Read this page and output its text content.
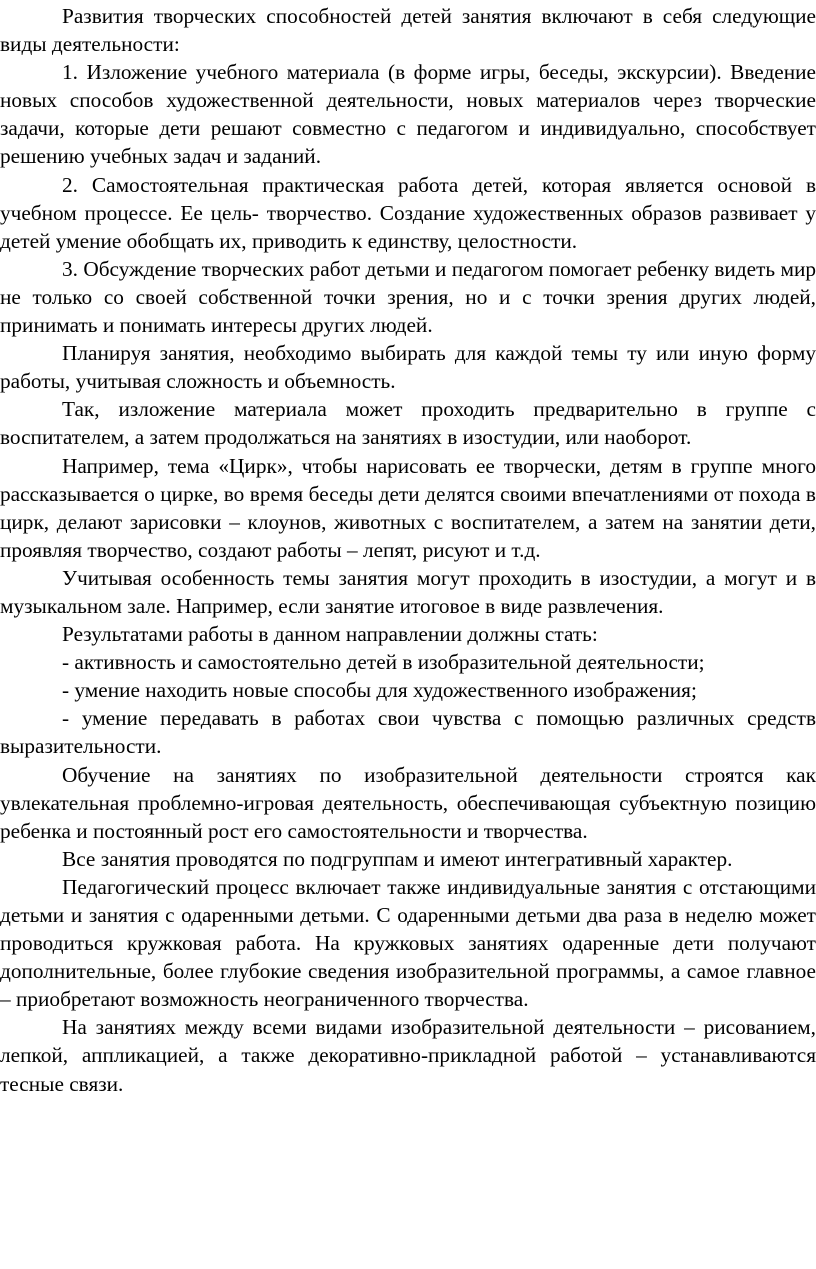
Развития творческих способностей детей занятия включают в себя следующие виды деятельности:

1. Изложение учебного материала (в форме игры, беседы, экскурсии). Введение новых способов художественной деятельности, новых материалов через творческие задачи, которые дети решают совместно с педагогом и индивидуально, способствует решению учебных задач и заданий.

2. Самостоятельная практическая работа детей, которая является основой в учебном процессе. Ее цель- творчество. Создание художественных образов развивает у детей умение обобщать их, приводить к единству, целостности.

3. Обсуждение творческих работ детьми и педагогом помогает ребенку видеть мир не только со своей собственной точки зрения, но и с точки зрения других людей, принимать и понимать интересы других людей.

Планируя занятия, необходимо выбирать для каждой темы ту или иную форму работы, учитывая сложность и объемность.

Так, изложение материала может проходить предварительно в группе с воспитателем, а затем продолжаться на занятиях в изостудии, или наоборот.

Например, тема «Цирк», чтобы нарисовать ее творчески, детям в группе много рассказывается о цирке, во время беседы дети делятся своими впечатлениями от похода в цирк, делают зарисовки – клоунов, животных с воспитателем, а затем на занятии дети, проявляя творчество, создают работы – лепят, рисуют и т.д.

Учитывая особенность темы занятия могут проходить в изостудии, а могут и в музыкальном зале. Например, если занятие итоговое в виде развлечения.

Результатами работы в данном направлении должны стать:

- активность и самостоятельно детей в изобразительной деятельности;

- умение находить новые способы для художественного изображения;

- умение передавать в работах свои чувства с помощью различных средств выразительности.

Обучение на занятиях по изобразительной деятельности строятся как увлекательная проблемно-игровая деятельность, обеспечивающая субъектную позицию ребенка и постоянный рост его самостоятельности и творчества.

Все занятия проводятся по подгруппам и имеют интегративный характер.

Педагогический процесс включает также индивидуальные занятия с отстающими детьми и занятия с одаренными детьми. С одаренными детьми два раза в неделю может проводиться кружковая работа. На кружковых занятиях одаренные дети получают дополнительные, более глубокие сведения изобразительной программы, а самое главное – приобретают возможность неограниченного творчества.

На занятиях между всеми видами изобразительной деятельности – рисованием, лепкой, аппликацией, а также декоративно-прикладной работой – устанавливаются тесные связи.
